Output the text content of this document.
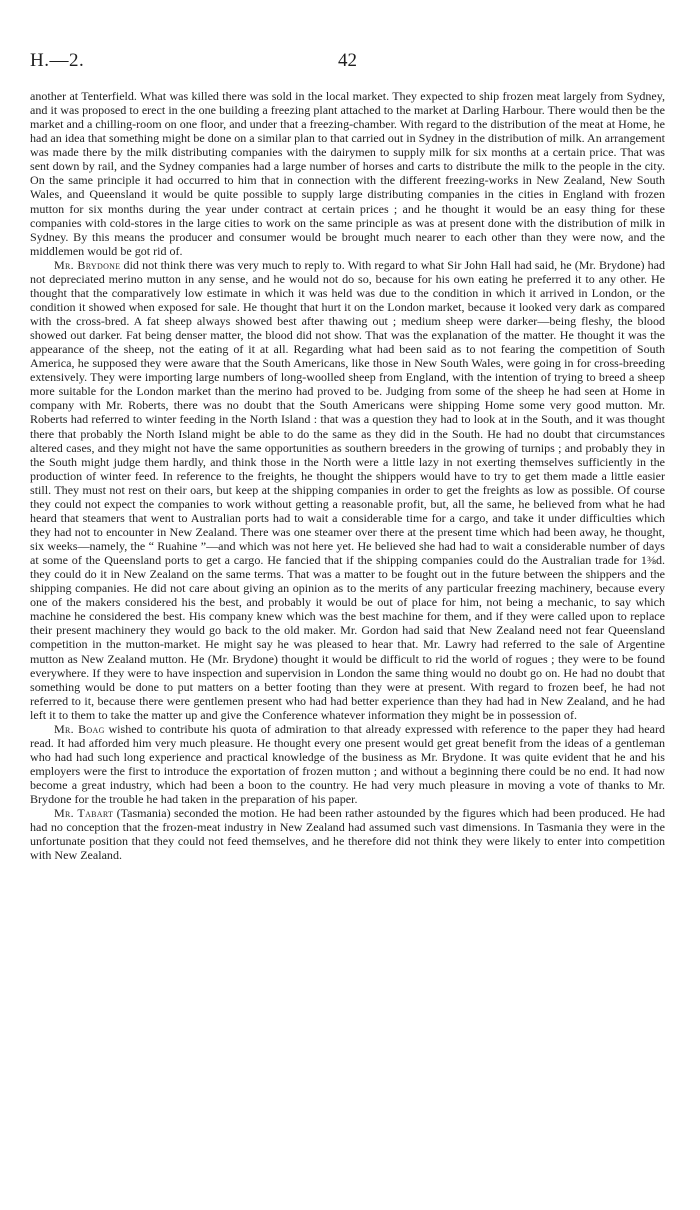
H.—2.	42

another at Tenterfield. What was killed there was sold in the local market. They expected to ship frozen meat largely from Sydney, and it was proposed to erect in the one building a freezing plant attached to the market at Darling Harbour. There would then be the market and a chilling-room on one floor, and under that a freezing-chamber. With regard to the distribution of the meat at Home, he had an idea that something might be done on a similar plan to that carried out in Sydney in the distribution of milk. An arrangement was made there by the milk distributing companies with the dairymen to supply milk for six months at a certain price. That was sent down by rail, and the Sydney companies had a large number of horses and carts to distribute the milk to the people in the city. On the same principle it had occurred to him that in connection with the different freezing-works in New Zealand, New South Wales, and Queensland it would be quite possible to supply large distributing companies in the cities in England with frozen mutton for six months during the year under contract at certain prices ; and he thought it would be an easy thing for these companies with cold-stores in the large cities to work on the same principle as was at present done with the distribution of milk in Sydney. By this means the producer and consumer would be brought much nearer to each other than they were now, and the middlemen would be got rid of.

Mr. Brydone did not think there was very much to reply to. With regard to what Sir John Hall had said, he (Mr. Brydone) had not depreciated merino mutton in any sense, and he would not do so, because for his own eating he preferred it to any other. He thought that the comparatively low estimate in which it was held was due to the condition in which it arrived in London, or the condition it showed when exposed for sale. He thought that hurt it on the London market, because it looked very dark as compared with the cross-bred. A fat sheep always showed best after thawing out ; medium sheep were darker—being fleshy, the blood showed out darker. Fat being denser matter, the blood did not show. That was the explanation of the matter. He thought it was the appearance of the sheep, not the eating of it at all. Regarding what had been said as to not fearing the competition of South America, he supposed they were aware that the South Americans, like those in New South Wales, were going in for cross-breeding extensively. They were importing large numbers of long-woolled sheep from England, with the intention of trying to breed a sheep more suitable for the London market than the merino had proved to be. Judging from some of the sheep he had seen at Home in company with Mr. Roberts, there was no doubt that the South Americans were shipping Home some very good mutton. Mr. Roberts had referred to winter feeding in the North Island : that was a question they had to look at in the South, and it was thought there that probably the North Island might be able to do the same as they did in the South. He had no doubt that circumstances altered cases, and they might not have the same opportunities as southern breeders in the growing of turnips ; and probably they in the South might judge them hardly, and think those in the North were a little lazy in not exerting themselves sufficiently in the production of winter feed. In reference to the freights, he thought the shippers would have to try to get them made a little easier still. They must not rest on their oars, but keep at the shipping companies in order to get the freights as low as possible. Of course they could not expect the companies to work without getting a reasonable profit, but, all the same, he believed from what he had heard that steamers that went to Australian ports had to wait a considerable time for a cargo, and take it under difficulties which they had not to encounter in New Zealand. There was one steamer over there at the present time which had been away, he thought, six weeks—namely, the “ Ruahine ”—and which was not here yet. He believed she had had to wait a considerable number of days at some of the Queensland ports to get a cargo. He fancied that if the shipping companies could do the Australian trade for 1⅜d. they could do it in New Zealand on the same terms. That was a matter to be fought out in the future between the shippers and the shipping companies. He did not care about giving an opinion as to the merits of any particular freezing machinery, because every one of the makers considered his the best, and probably it would be out of place for him, not being a mechanic, to say which machine he considered the best. His company knew which was the best machine for them, and if they were called upon to replace their present machinery they would go back to the old maker. Mr. Gordon had said that New Zealand need not fear Queensland competition in the mutton-market. He might say he was pleased to hear that. Mr. Lawry had referred to the sale of Argentine mutton as New Zealand mutton. He (Mr. Brydone) thought it would be difficult to rid the world of rogues ; they were to be found everywhere. If they were to have inspection and supervision in London the same thing would no doubt go on. He had no doubt that something would be done to put matters on a better footing than they were at present. With regard to frozen beef, he had not referred to it, because there were gentlemen present who had had better experience than they had had in New Zealand, and he had left it to them to take the matter up and give the Conference whatever information they might be in possession of.

Mr. Boag wished to contribute his quota of admiration to that already expressed with reference to the paper they had heard read. It had afforded him very much pleasure. He thought every one present would get great benefit from the ideas of a gentleman who had had such long experience and practical knowledge of the business as Mr. Brydone. It was quite evident that he and his employers were the first to introduce the exportation of frozen mutton ; and without a beginning there could be no end. It had now become a great industry, which had been a boon to the country. He had very much pleasure in moving a vote of thanks to Mr. Brydone for the trouble he had taken in the preparation of his paper.

Mr. Tabart (Tasmania) seconded the motion. He had been rather astounded by the figures which had been produced. He had had no conception that the frozen-meat industry in New Zealand had assumed such vast dimensions. In Tasmania they were in the unfortunate position that they could not feed themselves, and he therefore did not think they were likely to enter into competition with New Zealand.
